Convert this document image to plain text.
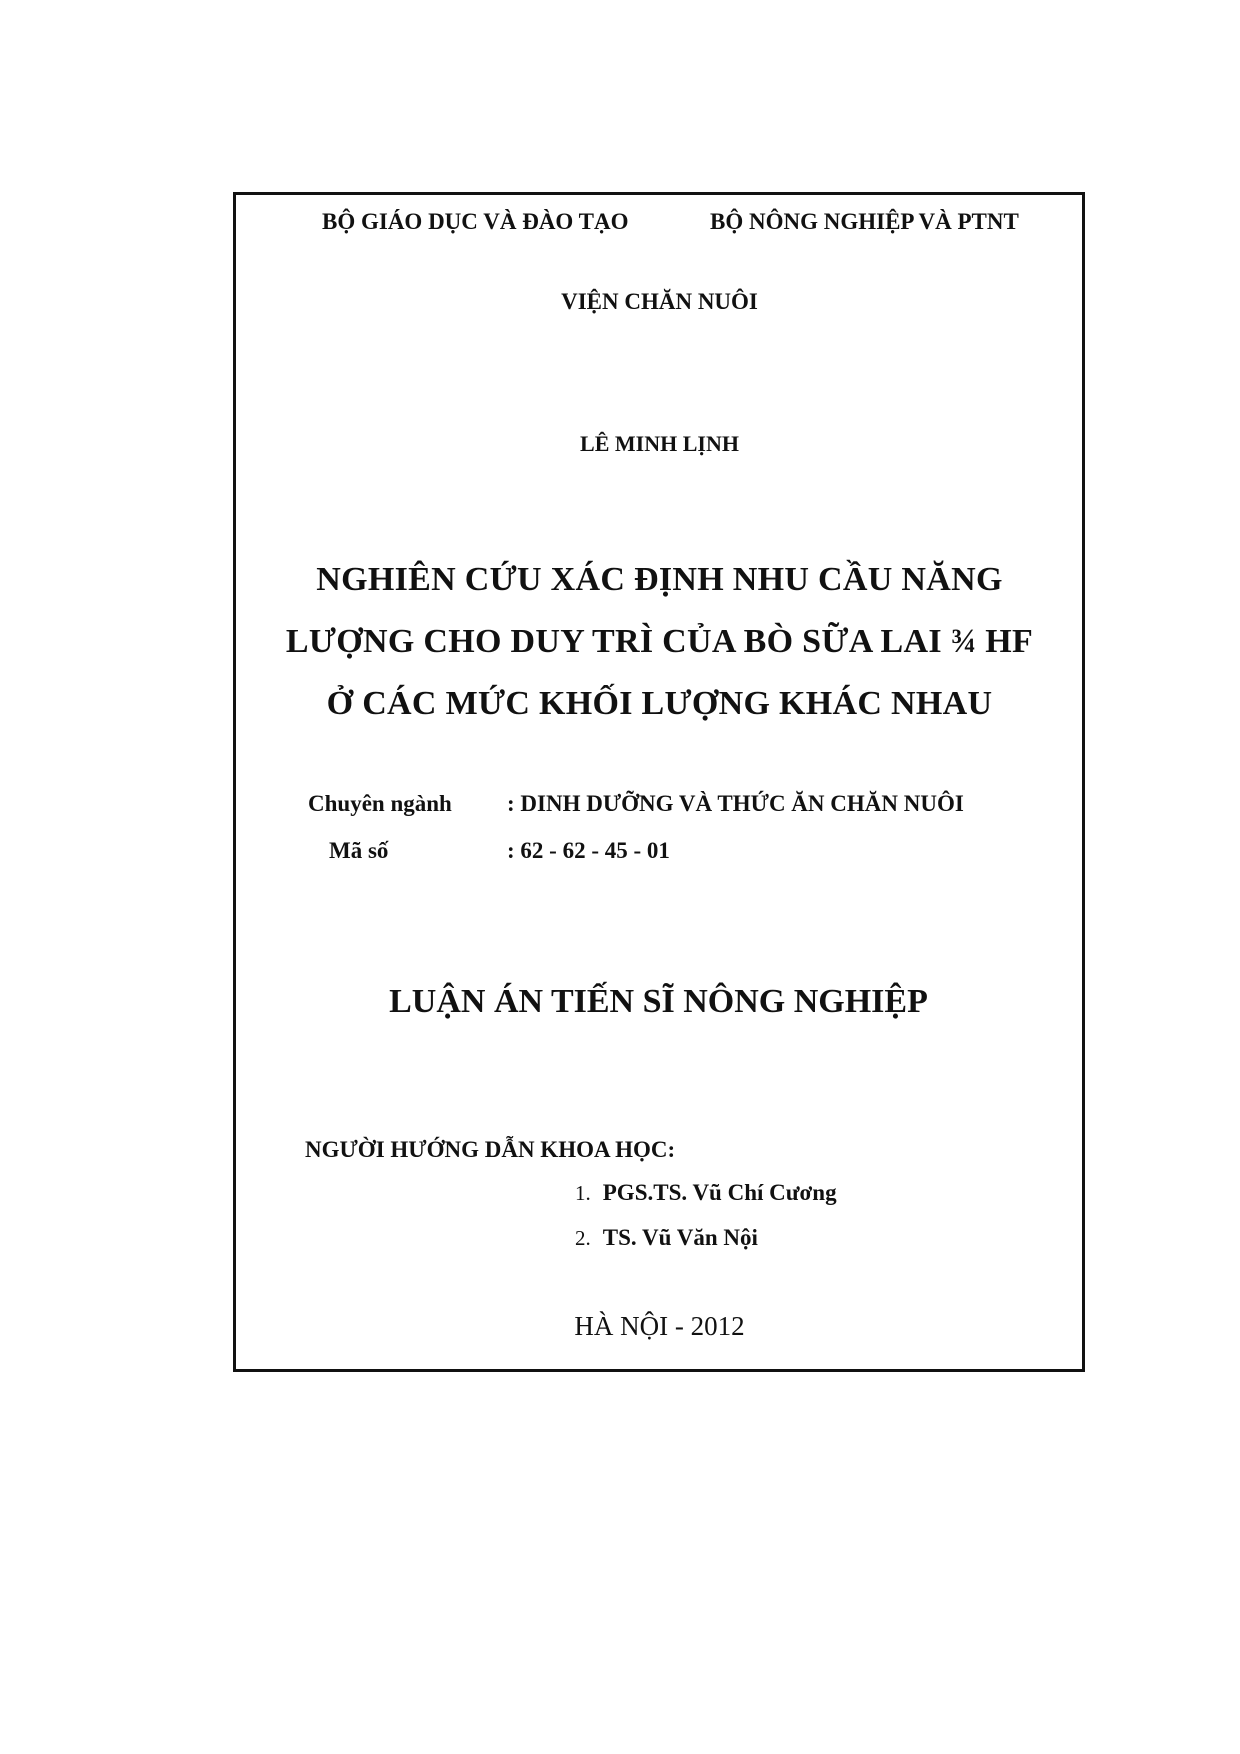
BỘ GIÁO DỤC VÀ ĐÀO TẠO	BỘ NÔNG NGHIỆP VÀ PTNT
VIỆN CHĂN NUÔI
LÊ MINH LỊNH
NGHIÊN CỨU XÁC ĐỊNH NHU CẦU NĂNG
LƯỢNG CHO DUY TRÌ CỦA BÒ SỮA LAI ¾ HF
Ở CÁC MỨC KHỐI LƯỢNG KHÁC NHAU
Chuyên ngành : DINH DƯỠNG VÀ THỨC ĂN CHĂN NUÔI
Mã số	: 62 - 62 - 45 - 01
LUẬN ÁN TIẾN SĨ NÔNG NGHIỆP
NGƯỜI HƯỚNG DẪN KHOA HỌC:
1. PGS.TS. Vũ Chí Cương
2. TS. Vũ Văn Nội
HÀ NỘI - 2012
